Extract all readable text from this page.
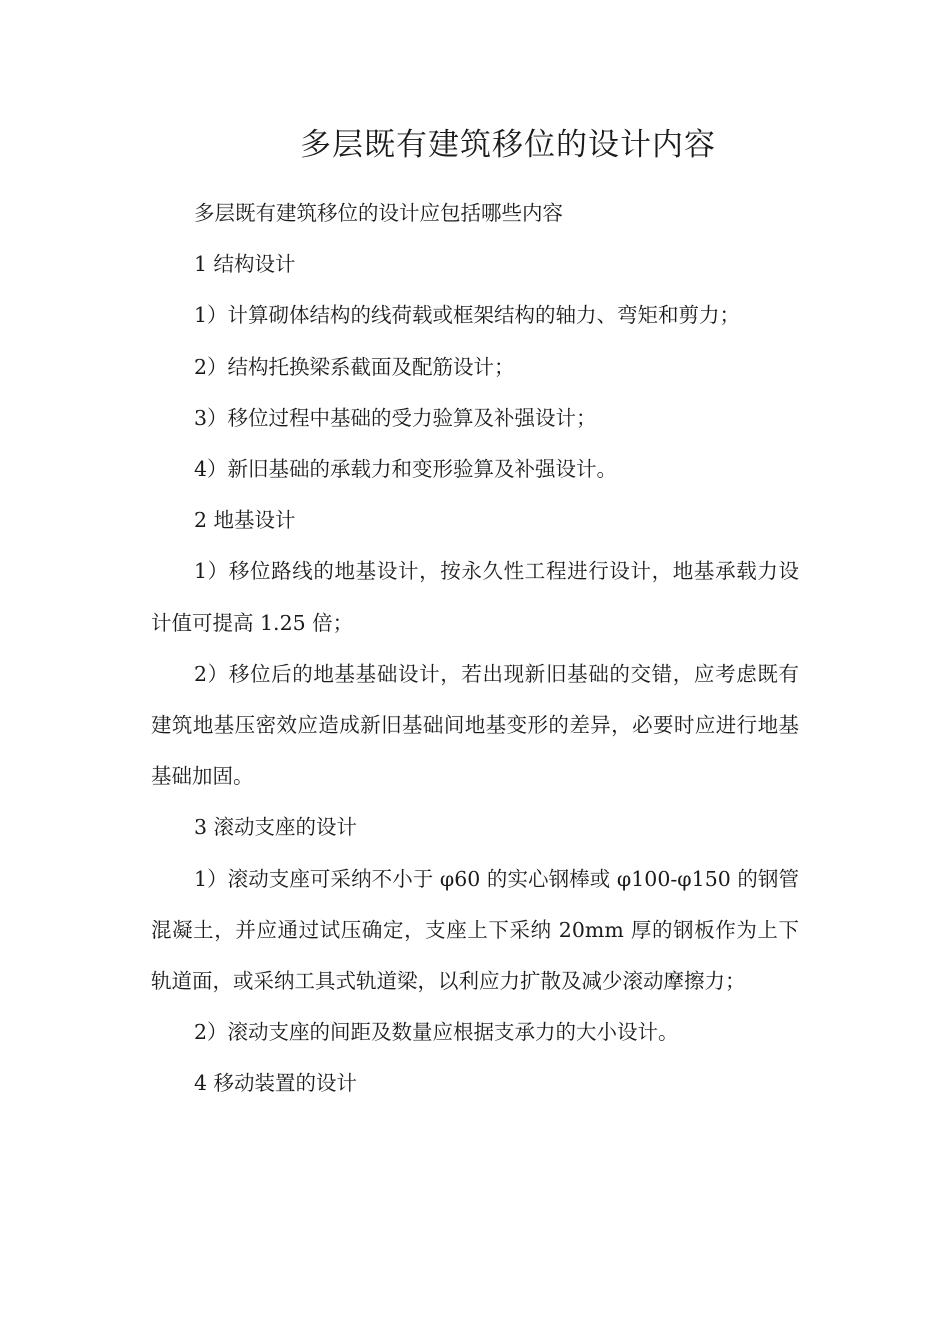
多层既有建筑移位的设计内容

多层既有建筑移位的设计应包括哪些内容

1 结构设计

1）计算砌体结构的线荷载或框架结构的轴力、弯矩和剪力；

2）结构托换梁系截面及配筋设计；

3）移位过程中基础的受力验算及补强设计；

4）新旧基础的承载力和变形验算及补强设计。

2 地基设计

1）移位路线的地基设计，按永久性工程进行设计，地基承载力设计值可提高 1.25 倍；

2）移位后的地基基础设计，若出现新旧基础的交错，应考虑既有建筑地基压密效应造成新旧基础间地基变形的差异，必要时应进行地基基础加固。

3 滚动支座的设计

1）滚动支座可采纳不小于 φ60 的实心钢棒或 φ100-φ150 的钢管混凝土，并应通过试压确定，支座上下采纳 20mm 厚的钢板作为上下轨道面，或采纳工具式轨道梁，以利应力扩散及减少滚动摩擦力；

2）滚动支座的间距及数量应根据支承力的大小设计。

4 移动装置的设计
